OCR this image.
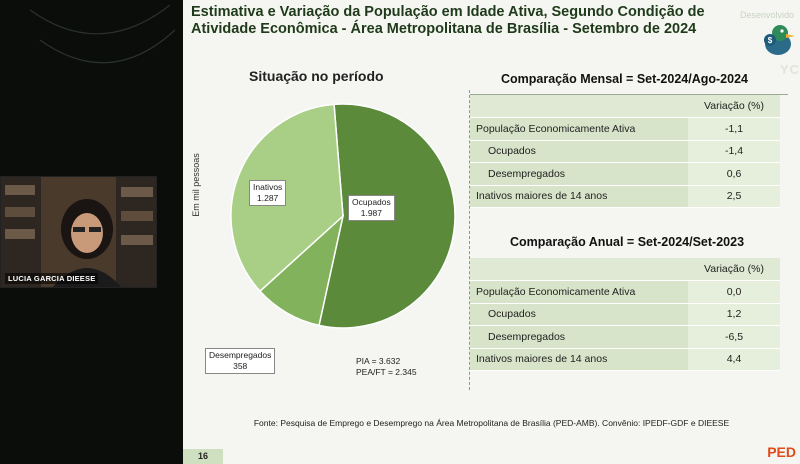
LUCIA GARCIA DIEESE
Estimativa e Variação da População em Idade Ativa, Segundo Condição de Atividade Econômica - Área Metropolitana de Brasília - Setembro de 2024
Desenvolvido
$
YC
Situação no período
Em mil pessoas	Inativos
1.287	Ocupados
1.987
Desempregados
358	PIA = 3.632
PEA/FT = 2.345
Comparação Mensal = Set-2024/Ago-2024
	Variação (%)
População Economicamente Ativa	-1,1
Ocupados	-1,4
Desempregados	0,6
Inativos maiores de 14 anos	2,5
Comparação Anual = Set-2024/Set-2023
	Variação (%)
População Economicamente Ativa	0,0
Ocupados	1,2
Desempregados	-6,5
Inativos maiores de 14 anos	4,4
Fonte: Pesquisa de Emprego e Desemprego na Área Metropolitana de Brasília (PED-AMB). Convênio: IPEDF-GDF e DIEESE
16	PED
